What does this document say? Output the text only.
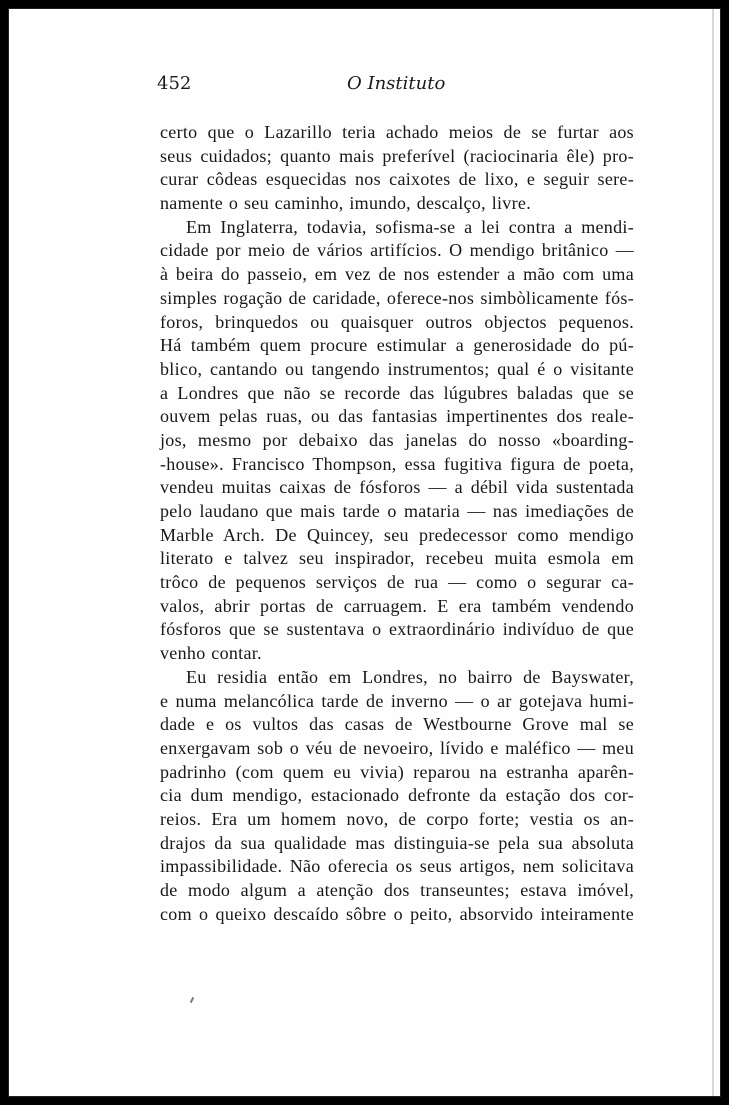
452	O Instituto
certo que o Lazarillo teria achado meios de se furtar aos
seus cuidados; quanto mais preferível (raciocinaria êle) pro-
curar côdeas esquecidas nos caixotes de lixo, e seguir sere-
namente o seu caminho, imundo, descalço, livre.
Em Inglaterra, todavia, sofisma-se a lei contra a mendi-
cidade por meio de vários artifícios. O mendigo britânico —
à beira do passeio, em vez de nos estender a mão com uma
simples rogação de caridade, oferece-nos simbòlicamente fós-
foros, brinquedos ou quaisquer outros objectos pequenos.
Há também quem procure estimular a generosidade do pú-
blico, cantando ou tangendo instrumentos; qual é o visitante
a Londres que não se recorde das lúgubres baladas que se
ouvem pelas ruas, ou das fantasias impertinentes dos reale-
jos, mesmo por debaixo das janelas do nosso «boarding-
-house». Francisco Thompson, essa fugitiva figura de poeta,
vendeu muitas caixas de fósforos — a débil vida sustentada
pelo laudano que mais tarde o mataria — nas imediações de
Marble Arch. De Quincey, seu predecessor como mendigo
literato e talvez seu inspirador, recebeu muita esmola em
trôco de pequenos serviços de rua — como o segurar ca-
valos, abrir portas de carruagem. E era também vendendo
fósforos que se sustentava o extraordinário indivíduo de que
venho contar.
Eu residia então em Londres, no bairro de Bayswater,
e numa melancólica tarde de inverno — o ar gotejava humi-
dade e os vultos das casas de Westbourne Grove mal se
enxergavam sob o véu de nevoeiro, lívido e maléfico — meu
padrinho (com quem eu vivia) reparou na estranha aparên-
cia dum mendigo, estacionado defronte da estação dos cor-
reios. Era um homem novo, de corpo forte; vestia os an-
drajos da sua qualidade mas distinguia-se pela sua absoluta
impassibilidade. Não oferecia os seus artigos, nem solicitava
de modo algum a atenção dos transeuntes; estava imóvel,
com o queixo descaído sôbre o peito, absorvido inteiramente
